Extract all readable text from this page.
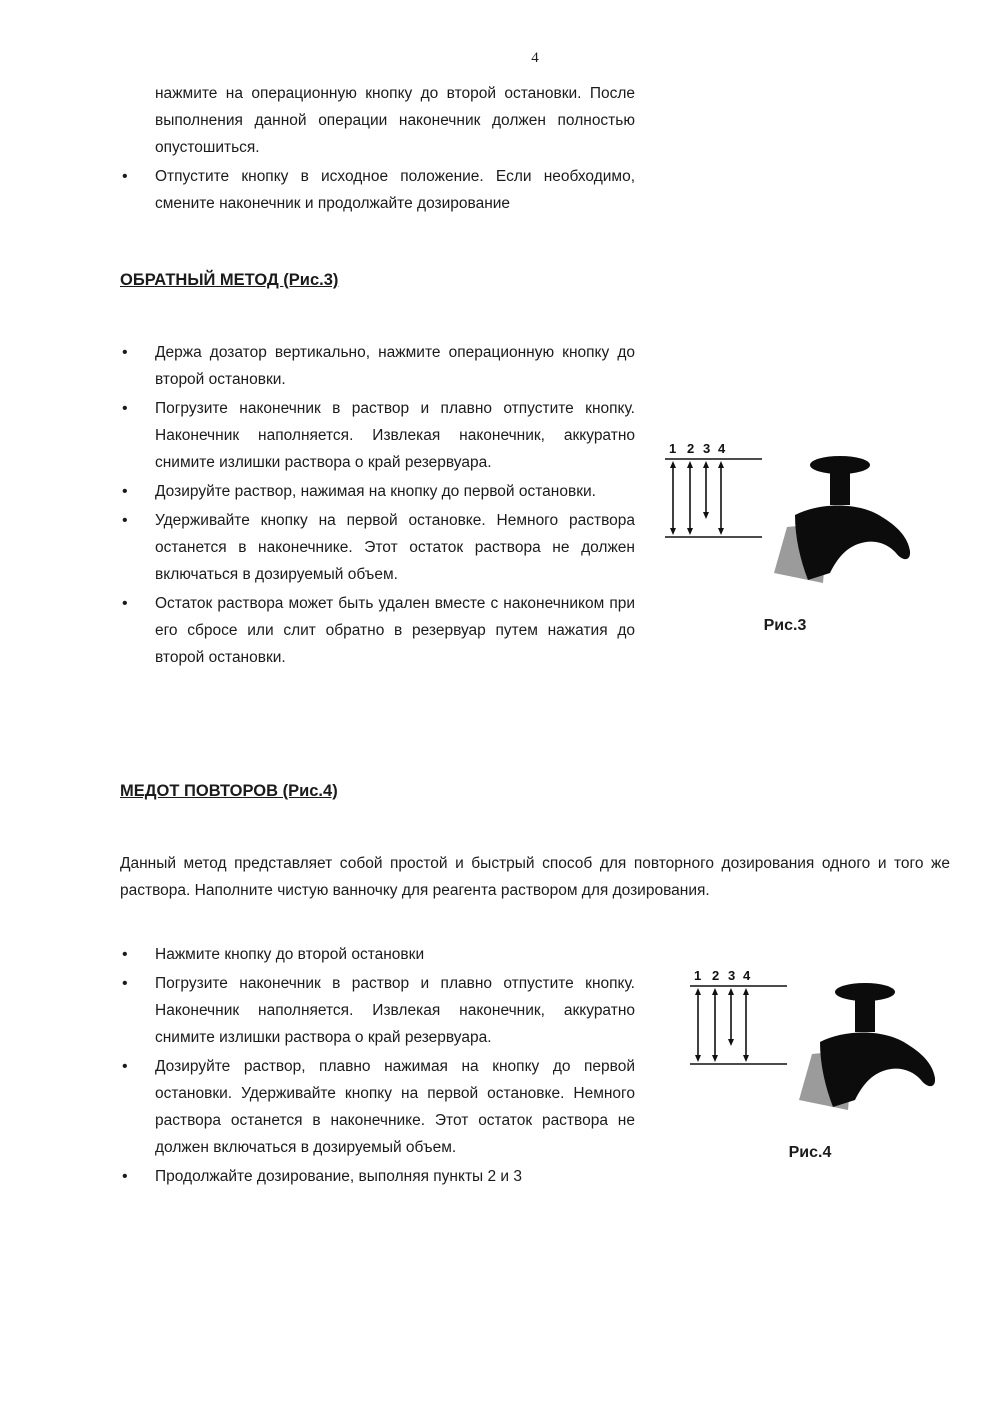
4
нажмите на операционную кнопку до второй остановки. После выполнения данной операции наконечник должен полностью опустошиться.
• Отпустите кнопку в исходное положение. Если необходимо, смените наконечник и продолжайте дозирование
ОБРАТНЫЙ МЕТОД (Рис.3)
• Держа дозатор вертикально, нажмите операционную кнопку до второй остановки.
• Погрузите наконечник в раствор и плавно отпустите кнопку. Наконечник наполняется. Извлекая наконечник, аккуратно снимите излишки раствора о край резервуара.
• Дозируйте раствор, нажимая на кнопку до первой остановки.
• Удерживайте кнопку на первой остановке. Немного раствора останется в наконечнике. Этот остаток раствора не должен включаться в дозируемый объем.
• Остаток раствора может быть удален вместе с наконечником при его сбросе или слит обратно в резервуар путем нажатия до второй остановки.
1 2 3 4
Рис.3
МЕДОТ ПОВТОРОВ (Рис.4)

Данный метод представляет собой простой и быстрый способ для повторного дозирования одного и того же раствора. Наполните чистую ванночку для реагента раствором для дозирования.

• Нажмите кнопку до второй остановки
• Погрузите наконечник в раствор и плавно отпустите кнопку. Наконечник наполняется. Извлекая наконечник, аккуратно снимите излишки раствора о край резервуара.
• Дозируйте раствор, плавно нажимая на кнопку до первой остановки. Удерживайте кнопку на первой остановке. Немного раствора останется в наконечнике. Этот остаток раствора не должен включаться в дозируемый объем.
• Продолжайте дозирование, выполняя пункты 2 и 3
1 2 3 4
Рис.4
